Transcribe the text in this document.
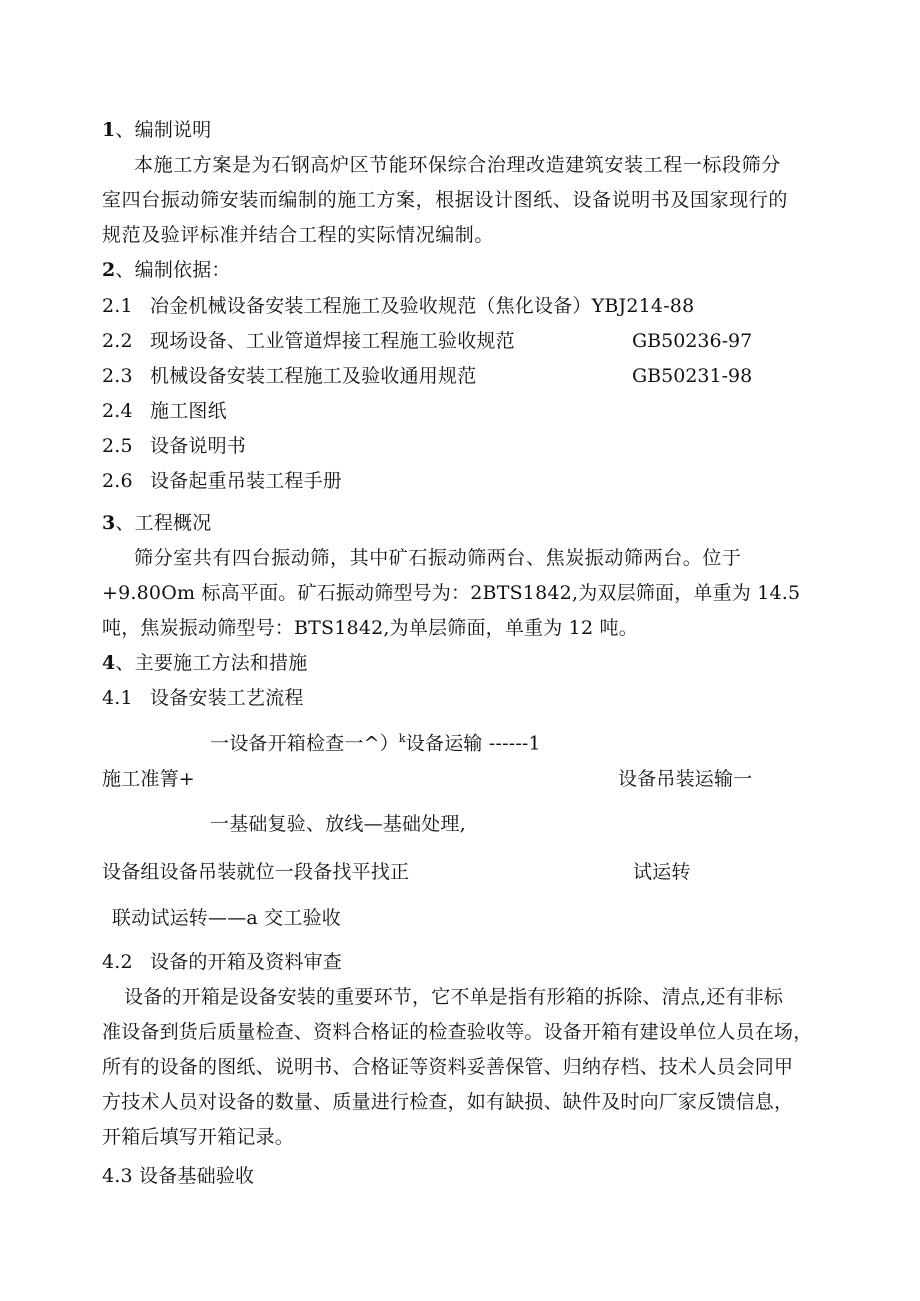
1、编制说明
本施工方案是为石钢高炉区节能环保综合治理改造建筑安装工程一标段筛分
室四台振动筛安装而编制的施工方案，根据设计图纸、设备说明书及国家现行的
规范及验评标准并结合工程的实际情况编制。
2、编制依据：
2.1 冶金机械设备安装工程施工及验收规范（焦化设备）YBJ214-88
2.2 现场设备、工业管道焊接工程施工验收规范	GB50236-97
2.3 机械设备安装工程施工及验收通用规范	GB50231-98
2.4 施工图纸
2.5 设备说明书
2.6 设备起重吊装工程手册
3、工程概况
筛分室共有四台振动筛，其中矿石振动筛两台、焦炭振动筛两台。位于
+9.80Om 标高平面。矿石振动筛型号为：2BTS1842,为双层筛面，单重为 14.5
吨，焦炭振动筛型号：BTS1842,为单层筛面，单重为 12 吨。
4、主要施工方法和措施
4.1 设备安装工艺流程
一设备开箱检查一^）$^k$设备运输 ------1
施工准箐+	设备吊装运输一
一基础复验、放线—基础处理,
设备组设备吊装就位一段备找平找正	试运转
联动试运转——a 交工验收
4.2 设备的开箱及资料审查
设备的开箱是设备安装的重要环节，它不单是指有形箱的拆除、清点,还有非标
准设备到货后质量检查、资料合格证的检查验收等。设备开箱有建设单位人员在场，
所有的设备的图纸、说明书、合格证等资料妥善保管、归纳存档、技术人员会同甲
方技术人员对设备的数量、质量进行检查，如有缺损、缺件及时向厂家反馈信息，
开箱后填写开箱记录。
4.3 设备基础验收
